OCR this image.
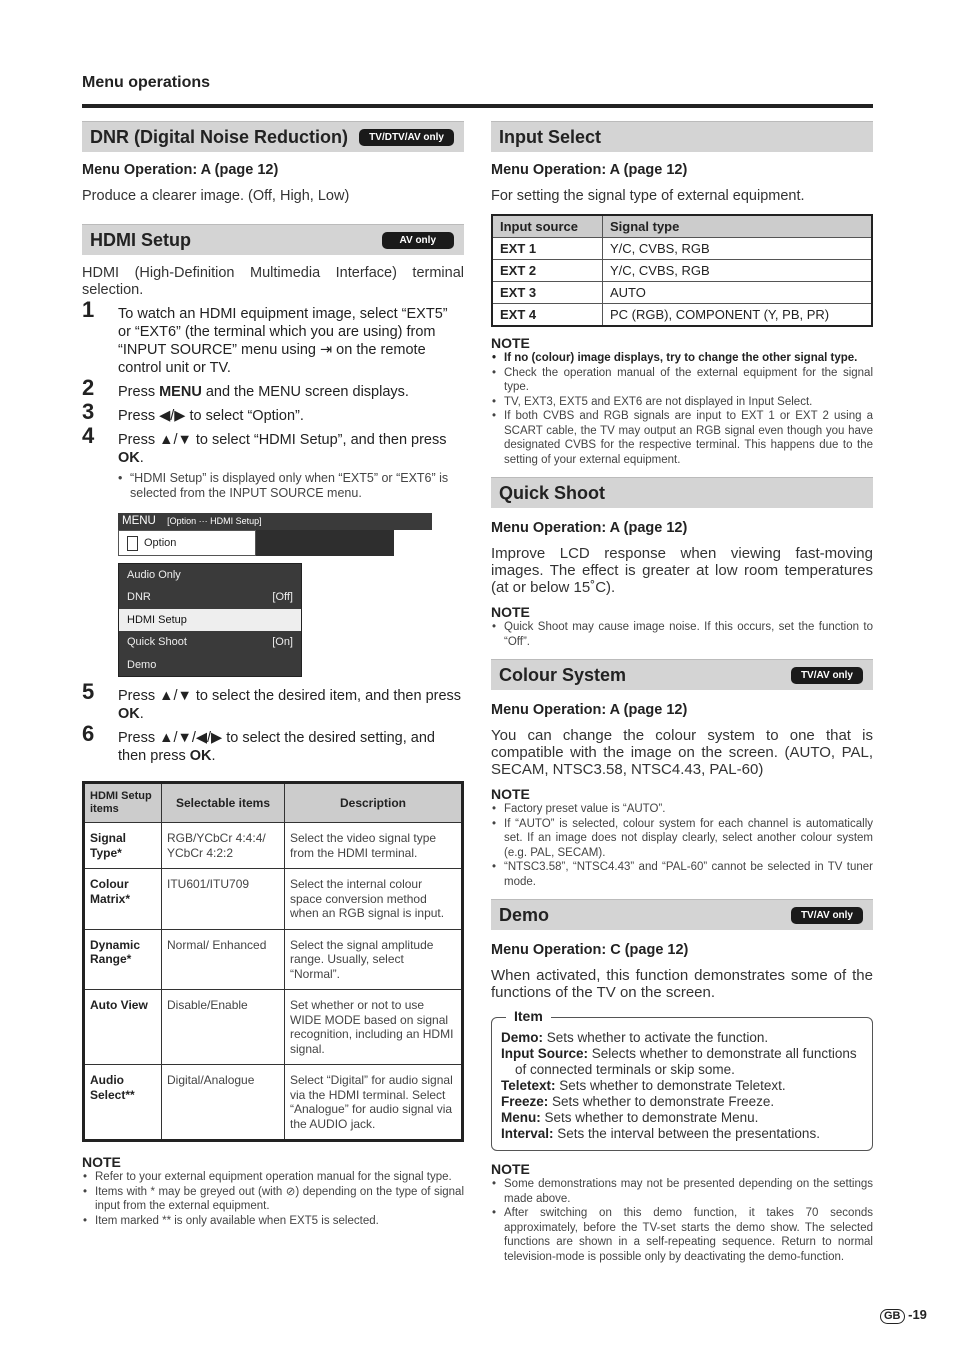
Menu operations
DNR (Digital Noise Reduction)	TV/DTV/AV only
Menu Operation: A (page 12)
Produce a clearer image. (Off, High, Low)
HDMI Setup	AV only
HDMI (High-Definition Multimedia Interface) terminal selection.
1 To watch an HDMI equipment image, select “EXT5” or “EXT6” (the terminal which you are using) from “INPUT SOURCE” menu using ⇥ on the remote control unit or TV.
2 Press MENU and the MENU screen displays.
3 Press ◀/▶ to select “Option”.
4 Press ▲/▼ to select “HDMI Setup”, and then press OK.
• “HDMI Setup” is displayed only when “EXT5” or “EXT6” is selected from the INPUT SOURCE menu.
MENU [Option ··· HDMI Setup]
Option
Audio Only
DNR	[Off]
HDMI Setup
Quick Shoot	[On]
Demo
5 Press ▲/▼ to select the desired item, and then press OK.
6 Press ▲/▼/◀/▶ to select the desired setting, and then press OK.
HDMI Setup items	Selectable items	Description
Signal Type*	RGB/YCbCr 4:4:4/ YCbCr 4:2:2	Select the video signal type from the HDMI terminal.
Colour Matrix*	ITU601/ITU709	Select the internal colour space conversion method when an RGB signal is input.
Dynamic Range*	Normal/ Enhanced	Select the signal amplitude range. Usually, select “Normal”.
Auto View	Disable/Enable	Set whether or not to use WIDE MODE based on signal recognition, including an HDMI signal.
Audio Select**	Digital/Analogue	Select “Digital” for audio signal via the HDMI terminal. Select “Analogue” for audio signal via the AUDIO jack.
NOTE
• Refer to your external equipment operation manual for the signal type.
• Items with * may be greyed out (with ⊘) depending on the type of signal input from the external equipment.
• Item marked ** is only available when EXT5 is selected.
Input Select
Menu Operation: A (page 12)
For setting the signal type of external equipment.
Input source	Signal type
EXT 1	Y/C, CVBS, RGB
EXT 2	Y/C, CVBS, RGB
EXT 3	AUTO
EXT 4	PC (RGB), COMPONENT (Y, PB, PR)
NOTE
• If no (colour) image displays, try to change the other signal type.
• Check the operation manual of the external equipment for the signal type.
• TV, EXT3, EXT5 and EXT6 are not displayed in Input Select.
• If both CVBS and RGB signals are input to EXT 1 or EXT 2 using a SCART cable, the TV may output an RGB signal even though you have designated CVBS for the respective terminal. This happens due to the setting of your external equipment.
Quick Shoot
Menu Operation: A (page 12)
Improve LCD response when viewing fast-moving images. The effect is greater at low room temperatures (at or below 15˚C).
NOTE
• Quick Shoot may cause image noise. If this occurs, set the function to “Off”.
Colour System	TV/AV only
Menu Operation: A (page 12)
You can change the colour system to one that is compatible with the image on the screen. (AUTO, PAL, SECAM, NTSC3.58, NTSC4.43, PAL-60)
NOTE
• Factory preset value is “AUTO”.
• If “AUTO” is selected, colour system for each channel is automatically set. If an image does not display clearly, select another colour system (e.g. PAL, SECAM).
• “NTSC3.58”, “NTSC4.43” and “PAL-60” cannot be selected in TV tuner mode.
Demo	TV/AV only
Menu Operation: C (page 12)
When activated, this function demonstrates some of the functions of the TV on the screen.
Item
Demo: Sets whether to activate the function.
Input Source: Selects whether to demonstrate all functions of connected terminals or skip some.
Teletext: Sets whether to demonstrate Teletext.
Freeze: Sets whether to demonstrate Freeze.
Menu: Sets whether to demonstrate Menu.
Interval: Sets the interval between the presentations.
NOTE
• Some demonstrations may not be presented depending on the settings made above.
• After switching on this demo function, it takes 70 seconds approximately, before the TV-set starts the demo show. The selected functions are shown in a self-repeating sequence. Return to normal television-mode is possible only by deactivating the demo-function.
GB -19
